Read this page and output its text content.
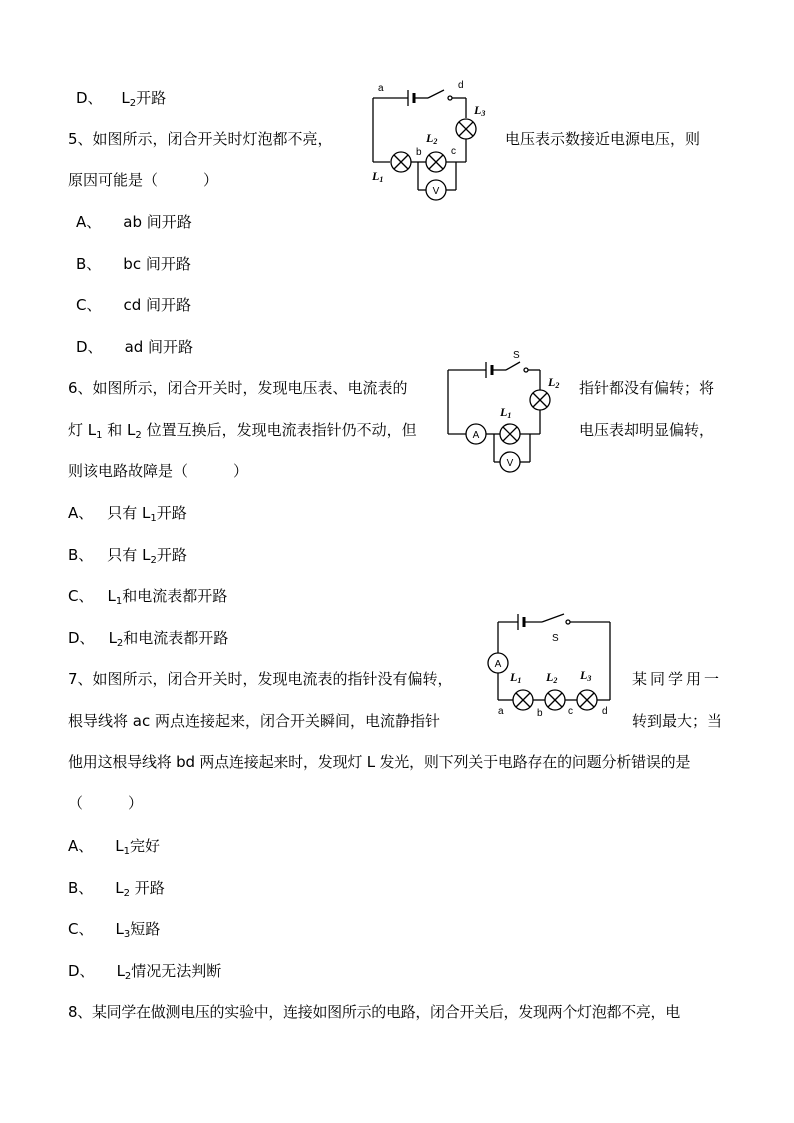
D、 $L_2$开路
5、如图所示，闭合开关时灯泡都不亮，	电压表示数接近电源电压，则
原因可能是（　　　）
V
a	d
b	c
L1
L2
L3
A、 ab 间开路
B、 bc 间开路
C、 cd 间开路
D、 ad 间开路
6、如图所示，闭合开关时，发现电压表、电流表的	指针都没有偏转；将
灯 $L_1$ 和 $L_2$ 位置互换后，发现电流表指针仍不动，但	电压表却明显偏转，
则该电路故障是（　　　）
A
V
S
L2
L1
A、 只有 $L_1$开路
B、 只有 $L_2$开路
C、 $L_1$和电流表都开路
D、 $L_2$和电流表都开路
A
S
L1 L2 L3
a	b	c	d
7、如图所示，闭合开关时，发现电流表的指针没有偏转，	某同学用一
根导线将 ac 两点连接起来，闭合开关瞬间，电流静指针	转到最大；当
他用这根导线将 bd 两点连接起来时，发现灯 L 发光，则下列关于电路存在的问题分析错误的是
（　　　）
A、 $L_1$完好
B、 $L_2$ 开路
C、 $L_3$短路
D、 $L_2$情况无法判断
8、某同学在做测电压的实验中，连接如图所示的电路，闭合开关后，发现两个灯泡都不亮，电
